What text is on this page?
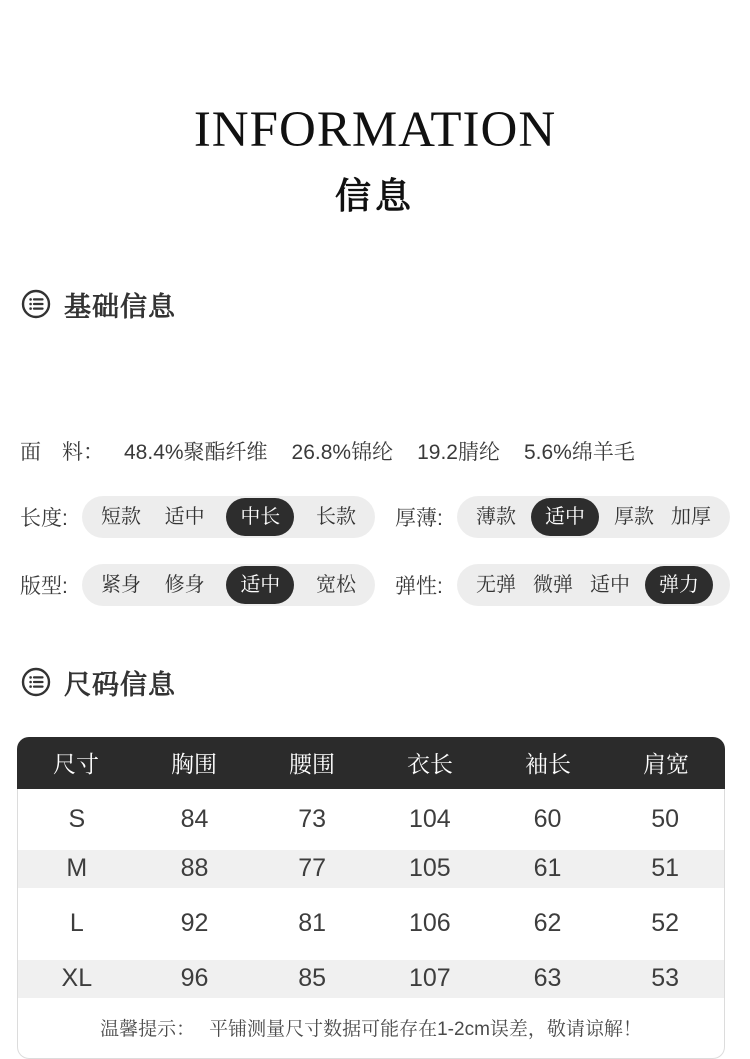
INFORMATION
信息
基础信息
面　料： 48.4%聚酯纤维 26.8%锦纶 19.2腈纶 5.6%绵羊毛
长度:	短款 适中	中长	长款 厚薄:	薄款	适中	厚款 加厚
版型:	紧身 修身	适中	宽松 弹性:	无弹 微弹 适中	弹力
尺码信息
尺寸	胸围	腰围	衣长	袖长	肩宽
S	84	73	104	60	50
M	88	77	105	61	51
L	92	81	106	62	52
XL	96	85	107	63	53
温馨提示： 平铺测量尺寸数据可能存在1-2cm误差，敬请谅解！
